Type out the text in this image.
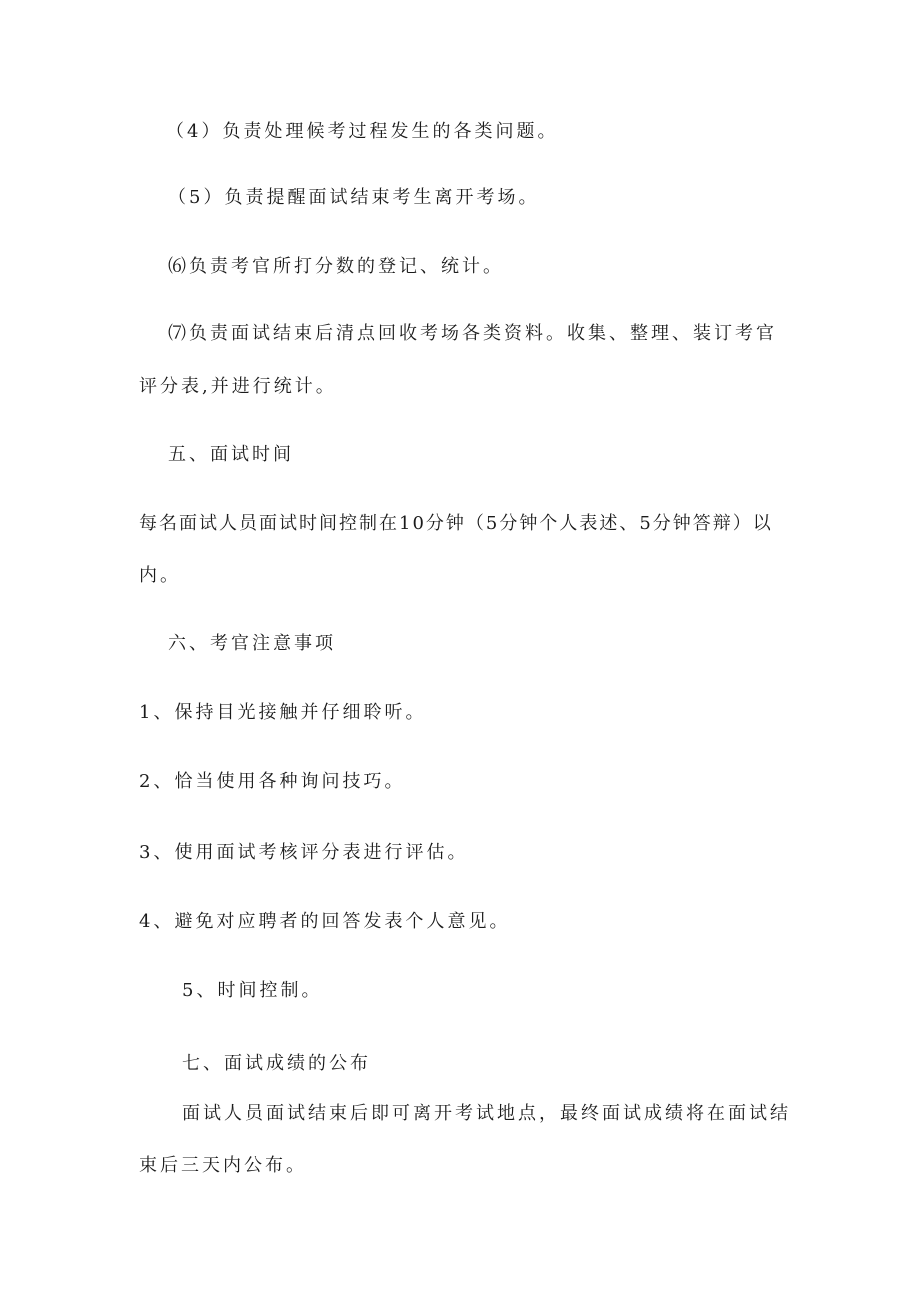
（4）负责处理候考过程发生的各类问题。

（5）负责提醒面试结束考生离开考场。

⑹负责考官所打分数的登记、统计。

⑺负责面试结束后清点回收考场各类资料。收集、整理、装订考官

评分表,并进行统计。

五、面试时间

每名面试人员面试时间控制在10分钟（5分钟个人表述、5分钟答辩）以

内。

六、考官注意事项

1、保持目光接触并仔细聆听。

2、恰当使用各种询问技巧。

3、使用面试考核评分表进行评估。

4、避免对应聘者的回答发表个人意见。

5、时间控制。

七、面试成绩的公布

面试人员面试结束后即可离开考试地点，最终面试成绩将在面试结

束后三天内公布。
